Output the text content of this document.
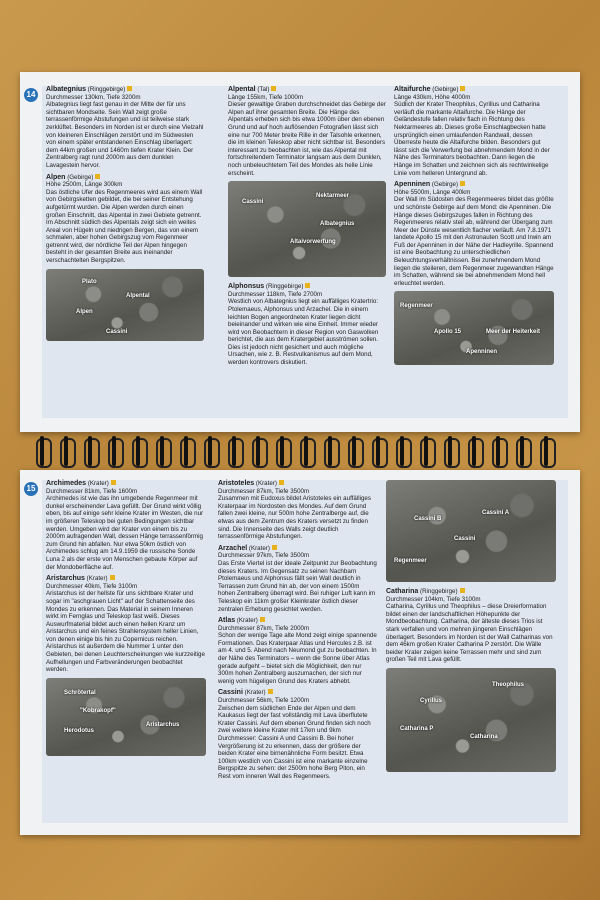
14

Albategnius (Ringgebirge)
Durchmesser 130km, Tiefe 3200m
Albategnius liegt fast genau in der Mitte der für uns sichtbaren Mondseite. Sein Wall zeigt große terrassenförmige Abstufungen und ist teilweise stark zerklüftet. Besonders im Norden ist er durch eine Vielzahl von kleineren Einschlägen zerstört und im Südwesten von einem später entstandenen Einschlag überlagert: dem 44km großen und 1460m tiefen Krater Klein. Der Zentralberg ragt rund 2000m aus dem dunklen Lavagestein hervor.

Alpen (Gebirge)
Höhe 2500m, Länge 300km
Das östliche Ufer des Regenmeeres wird aus einem Wall von Gebirgsketten gebildet, die bei seiner Entstehung aufgetürmt wurden. Die Alpen werden durch einen großen Einschnitt, das Alpental in zwei Gebiete getrennt. Im Abschnitt südlich des Alpentals zeigt sich ein weites Areal von Hügeln und niedrigen Bergen, das von einem schmalen, aber hohen Gebirgszug vom Regenmeer getrennt wird, der nördliche Teil der Alpen hingegen besteht in der gesamten Breite aus ineinander verschachtelten Bergspitzen.

Plato
Alpental
Alpen
Cassini

Alpental (Tal)
Länge 155km, Tiefe 1000m
Dieser gewaltige Graben durchschneidet das Gebirge der Alpen auf ihrer gesamten Breite. Die Hänge des Alpentals erheben sich bis etwa 1000m über den ebenen Grund und auf hoch auflösenden Fotografien lässt sich eine nur 700 Meter breite Rille in der Talsohle erkennen, die im kleinen Teleskop aber nicht sichtbar ist. Besonders interessant zu beobachten ist, wie das Alpental mit fortschreitendem Terminator langsam aus dem Dunklen, noch unbeleuchtetem Teil des Mondes als helle Linie erscheint.

Cassini
Nektarmeer
Albategnius
Altaivorwerfung

Alphonsus (Ringgebirge)
Durchmesser 118km, Tiefe 2700m
Westlich von Albategnius liegt ein auffälliges Kratertrio: Ptolemaeus, Alphonsus und Arzachel. Die in einem leichten Bogen angeordneten Krater liegen dicht beieinander und wirken wie eine Einheit. Immer wieder wird von Beobachtern in dieser Region von Gaswolken berichtet, die aus dem Kratergebiet ausströmen sollen. Dies ist jedoch nicht gesichert und auch mögliche Ursachen, wie z. B. Restvulkanismus auf dem Mond, werden kontrovers diskutiert.

Altaifurche (Gebirge)
Länge 430km, Höhe 4000m
Südlich der Krater Theophilus, Cyrillus und Catharina verläuft die markante Altaifurche. Die Hänge der Geländestufe fallen relativ flach in Richtung des Nektarmeeres ab. Dieses große Einschlagbecken hatte ursprünglich einen umlaufenden Randwall, dessen Überreste heute die Altaifurche bilden. Besonders gut lässt sich die Verwerfung bei abnehmendem Mond in der Nähe des Terminators beobachten. Dann liegen die Hänge im Schatten und zeichnen sich als rechtwinkelige Linie vom helleren Untergrund ab.

Apenninen (Gebirge)
Höhe 5500m, Länge 400km
Der Wall im Südosten des Regenmeeres bildet das größte und schönste Gebirge auf dem Mond: die Apenninen. Die Hänge dieses Gebirgszuges fallen in Richtung des Regenmeeres relativ steil ab, während der Übergang zum Meer der Dünste wesentlich flacher verläuft. Am 7.8.1971 landete Apollo 15 mit den Astronauten Scott und Irwin am Fuß der Apenninen in der Nähe der Hadleyrille. Spannend ist eine Beobachtung zu unterschiedlichen Beleuchtungsverhältnissen. Bei zunehmendem Mond liegen die steileren, dem Regenmeer zugewandten Hänge im Schatten, während sie bei abnehmendem Mond hell erleuchtet werden.

Regenmeer
Apollo 15	Meer der Heiterkeit
Apenninen
15

Archimedes (Krater)
Durchmesser 81km, Tiefe 1600m
Archimedes ist wie das ihn umgebende Regenmeer mit dunkel erscheinender Lava gefüllt. Der Grund wirkt völlig eben, bis auf einige sehr kleine Krater im Westen, die nur im größeren Teleskop bei guten Bedingungen sichtbar werden. Umgeben wird der Krater von einem bis zu 2000m aufragenden Wall, dessen Hänge terrassenförmig zum Grund hin abfallen. Nur etwa 50km östlich von Archimedes schlug am 14.9.1959 die russische Sonde Luna 2 als der erste von Menschen gebaute Körper auf der Mondoberfläche auf.

Aristarchus (Krater)
Durchmesser 40km, Tiefe 3100m
Aristarchus ist der hellste für uns sichtbare Krater und sogar im "aschgrauen Licht" auf der Schattenseite des Mondes zu erkennen. Das Material in seinem Inneren wirkt im Fernglas und Teleskop fast weiß. Dieses Auswurfmaterial bildet auch einen hellen Kranz um Aristarchus und ein feines Strahlensystem heller Linien, von denen einige bis hin zu Copernicus reichen. Aristarchus ist außerdem die Nummer 1 unter den Gebieten, bei denen Leuchterscheinungen wie kurzzeitige Aufhellungen und Farbveränderungen beobachtet werden.

Schrötertal
"Kobrakopf"
Herodotus
Aristarchus

Aristoteles (Krater)
Durchmesser 87km, Tiefe 3500m
Zusammen mit Eudoxus bildet Aristoteles ein auffälliges Kraterpaar im Nordosten des Mondes. Auf dem Grund fallen zwei kleine, nur 500m hohe Zentralberge auf, die etwas aus dem Zentrum des Kraters versetzt zu finden sind. Die Innenseite des Walls zeigt deutlich terrassenförmige Abstufungen.

Arzachel (Krater)
Durchmesser 97km, Tiefe 3500m
Das Erste Viertel ist der ideale Zeitpunkt zur Beobachtung dieses Kraters. Im Gegensatz zu seinen Nachbarn Ptolemaeus und Alphonsus fällt sein Wall deutlich in Terrassen zum Grund hin ab, der von einem 1500m hohen Zentralberg überragt wird. Bei ruhiger Luft kann im Teleskop ein 11km großer Kleinkrater östlich dieser zentralen Erhebung gesichtet werden.

Atlas (Krater)
Durchmesser 87km, Tiefe 2000m
Schon der wenige Tage alte Mond zeigt einige spannende Formationen. Das Kraterpaar Atlas und Hercules z.B. ist am 4. und 5. Abend nach Neumond gut zu beobachten. In der Nähe des Terminators – wenn die Sonne über Atlas gerade aufgeht – bietet sich die Möglichkeit, den nur 300m hohen Zentralberg auszumachen, der sich nur wenig vom hügeligen Grund des Kraters abhebt.

Cassini (Krater)
Durchmesser 56km, Tiefe 1200m
Zwischen dem südlichen Ende der Alpen und dem Kaukasus liegt der fast vollständig mit Lava überflutete Krater Cassini. Auf dem ebenen Grund finden sich noch zwei weitere kleine Krater mit 17km und 9km Durchmesser: Cassini A und Cassini B. Bei hoher Vergrößerung ist zu erkennen, dass der größere der beiden Krater eine birnenähnliche Form besitzt. Etwa 100km westlich von Cassini ist eine markante einzelne Bergspitze zu sehen: der 2500m hohe Berg Piton, ein Rest vom inneren Wall des Regenmeers.

Cassini B
Cassini A
Cassini
Regenmeer

Catharina (Ringgebirge)
Durchmesser 104km, Tiefe 3100m
Catharina, Cyrillus und Theophilus – diese Dreierformation bildet einen der landschaftlichen Höhepunkte der Mondbeobachtung. Catharina, der älteste dieses Trios ist stark verfallen und von mehren jüngeren Einschlägen überlagert. Besonders im Norden ist der Wall Catharinas von dem 46km großen Krater Catharina P zerstört. Die Wälle beider Krater zeigen keine Terrassen mehr und sind zum großen Teil mit Lava gefüllt.

Theophilus
Cyrillus
Catharina P
Catharina
